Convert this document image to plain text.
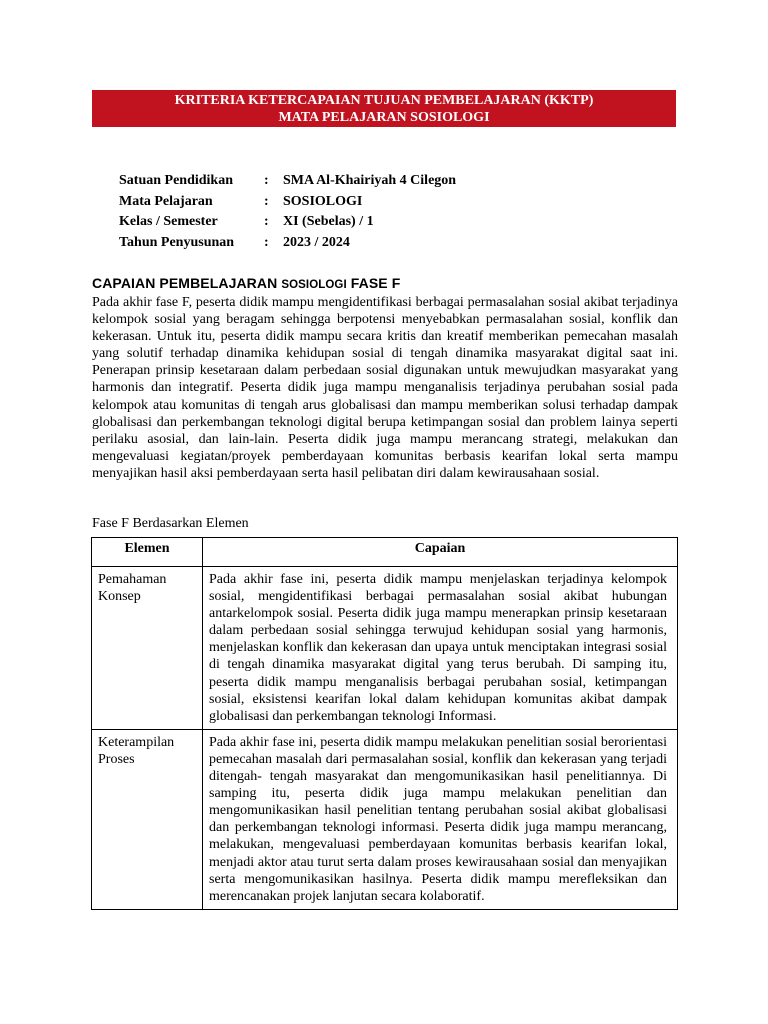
KRITERIA KETERCAPAIAN TUJUAN PEMBELAJARAN (KKTP)
MATA PELAJARAN SOSIOLOGI
Satuan Pendidikan	:	SMA Al-Khairiyah 4 Cilegon
Mata Pelajaran	:	SOSIOLOGI
Kelas / Semester	:	XI (Sebelas) / 1
Tahun Penyusunan	:	2023 / 2024
CAPAIAN PEMBELAJARAN SOSIOLOGI FASE F
Pada akhir fase F, peserta didik mampu mengidentifikasi berbagai permasalahan sosial akibat terjadinya kelompok sosial yang beragam sehingga berpotensi menyebabkan permasalahan sosial, konflik dan kekerasan. Untuk itu, peserta didik mampu secara kritis dan kreatif memberikan pemecahan masalah yang solutif terhadap dinamika kehidupan sosial di tengah dinamika masyarakat digital saat ini. Penerapan prinsip kesetaraan dalam perbedaan sosial digunakan untuk mewujudkan masyarakat yang harmonis dan integratif. Peserta didik juga mampu menganalisis terjadinya perubahan sosial pada kelompok atau komunitas di tengah arus globalisasi dan mampu memberikan solusi terhadap dampak globalisasi dan perkembangan teknologi digital berupa ketimpangan sosial dan problem lainya seperti perilaku asosial, dan lain-lain. Peserta didik juga mampu merancang strategi, melakukan dan mengevaluasi kegiatan/proyek pemberdayaan komunitas berbasis kearifan lokal serta mampu menyajikan hasil aksi pemberdayaan serta hasil pelibatan diri dalam kewirausahaan sosial.
Fase F Berdasarkan Elemen
Elemen	Capaian
Pemahaman Konsep	Pada akhir fase ini, peserta didik mampu menjelaskan terjadinya kelompok sosial, mengidentifikasi berbagai permasalahan sosial akibat hubungan antarkelompok sosial. Peserta didik juga mampu menerapkan prinsip kesetaraan dalam perbedaan sosial sehingga terwujud kehidupan sosial yang harmonis, menjelaskan konflik dan kekerasan dan upaya untuk menciptakan integrasi sosial di tengah dinamika masyarakat digital yang terus berubah. Di samping itu, peserta didik mampu menganalisis berbagai perubahan sosial, ketimpangan sosial, eksistensi kearifan lokal dalam kehidupan komunitas akibat dampak globalisasi dan perkembangan teknologi Informasi.
Keterampilan Proses	Pada akhir fase ini, peserta didik mampu melakukan penelitian sosial berorientasi pemecahan masalah dari permasalahan sosial, konflik dan kekerasan yang terjadi ditengah- tengah masyarakat dan mengomunikasikan hasil penelitiannya. Di samping itu, peserta didik juga mampu melakukan penelitian dan mengomunikasikan hasil penelitian tentang perubahan sosial akibat globalisasi dan perkembangan teknologi informasi. Peserta didik juga mampu merancang, melakukan, mengevaluasi pemberdayaan komunitas berbasis kearifan lokal, menjadi aktor atau turut serta dalam proses kewirausahaan sosial dan menyajikan serta mengomunikasikan hasilnya. Peserta didik mampu merefleksikan dan merencanakan projek lanjutan secara kolaboratif.
